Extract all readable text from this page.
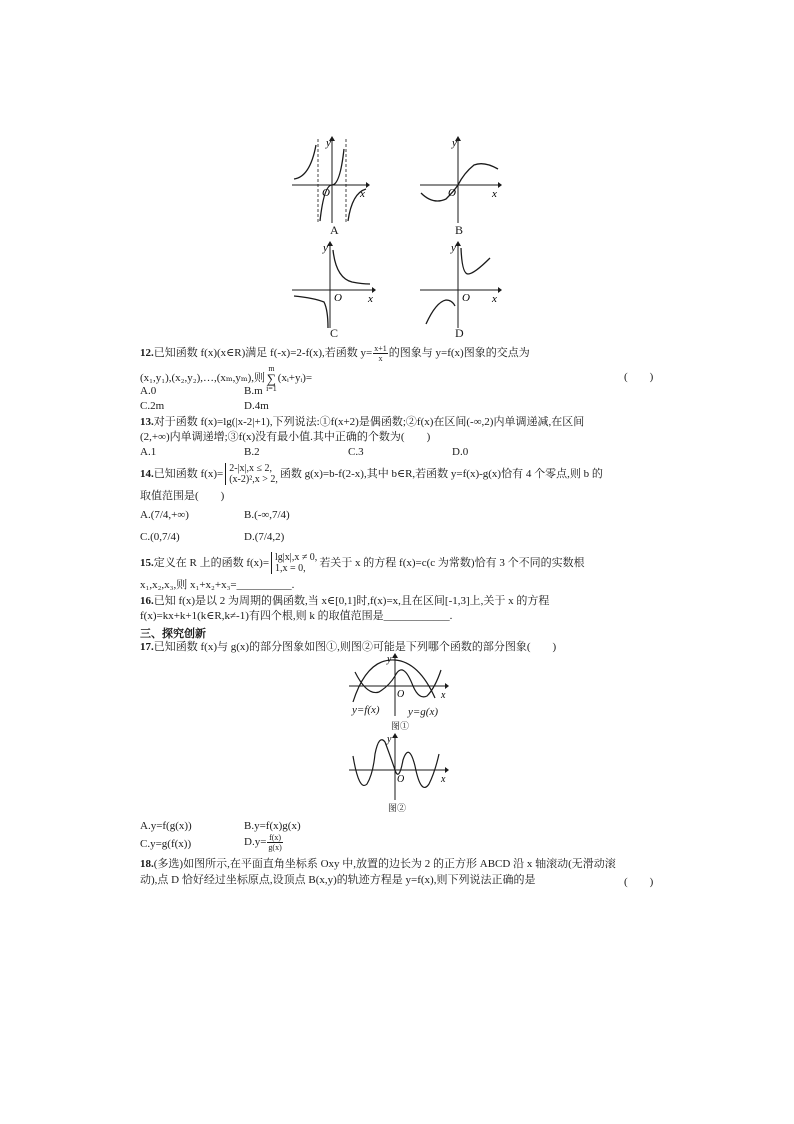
y
O	x
A
y
O	x
B
y
O x
C
y
O x
D
12.已知函数 f(x)(x∈R)满足 f(-x)=2-f(x),若函数 $y= \frac{x+1}{x}$ 的图象与 y=f(x)图象的交点为
(x₁,y₁),(x₂,y₂),…,(xₘ,yₘ),则m
∑
i=1(xᵢ+yᵢ)=	(　　)
A.0	B.m
C.2m	D.4m
13.对于函数 f(x)=lg(|x-2|+1),下列说法:①f(x+2)是偶函数;②f(x)在区间(-∞,2)内单调递减,在区间
(2,+∞)内单调递增;③f(x)没有最小值.其中正确的个数为(　　)
A.1	B.2	C.3	D.0
14.已知函数 f(x)= 2-|x|,x ≤ 2,
(x-2)²,x > 2, 函数 g(x)=b-f(2-x),其中 b∈R,若函数 y=f(x)-g(x)恰有 4 个零点,则 b 的
取值范围是(　　)
A.(7/4,+∞)	B.(-∞,7/4)
C.(0,7/4)	D.(7/4,2)
15.定义在 R 上的函数 f(x)= lg|x|,x ≠ 0,
1,x = 0,	若关于 x 的方程 f(x)=c(c 为常数)恰有 3 个不同的实数根
x₁,x₂,x₃,则 x₁+x₂+x₃=__________.
16.已知 f(x)是以 2 为周期的偶函数,当 x∈[0,1]时,f(x)=x,且在区间[-1,3]上,关于 x 的方程
f(x)=kx+k+1(k∈R,k≠-1)有四个根,则 k 的取值范围是____________.
三、探究创新
17.已知函数 f(x)与 g(x)的部分图象如图①,则图②可能是下列哪个函数的部分图象(　　)
y
O	x
y=f(x)	y=g(x)
图①
y
O	x
图②
A.y=f(g(x))	B.y=f(x)g(x)
C.y=g(f(x))	$D.y= \frac{f(x)}{g(x)}$
18.(多选)如图所示,在平面直角坐标系 Oxy 中,放置的边长为 2 的正方形 ABCD 沿 x 轴滚动(无滑动滚
动),点 D 恰好经过坐标原点,设顶点 B(x,y)的轨迹方程是 y=f(x),则下列说法正确的是	(　　)
